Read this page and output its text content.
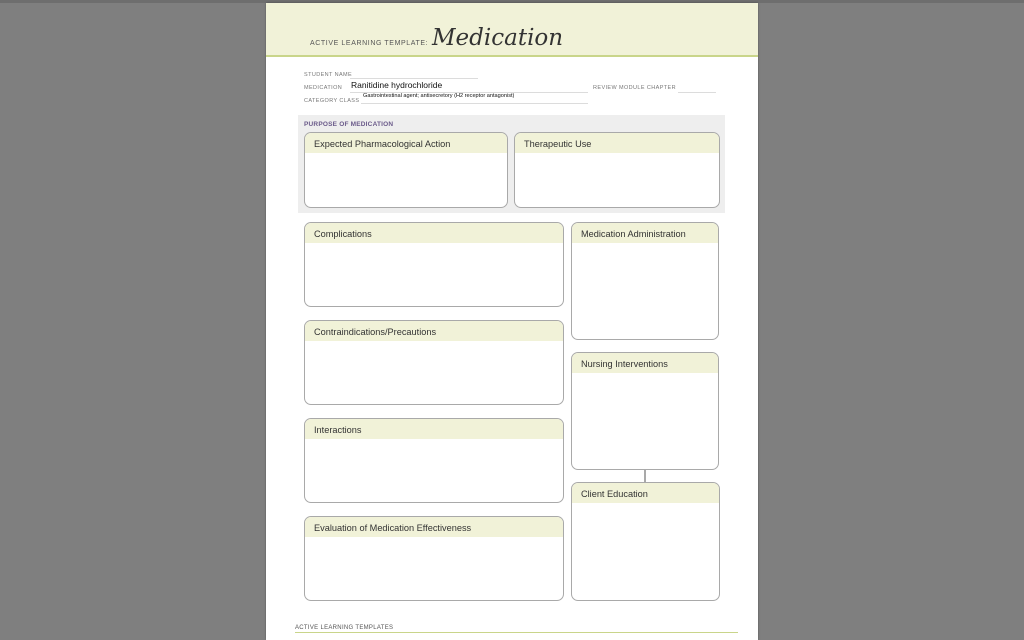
ACTIVE LEARNING TEMPLATE: Medication
STUDENT NAME
MEDICATION Ranitidine hydrochloride	REVIEW MODULE CHAPTER
CATEGORY CLASS
Gastrointestinal agent; antisecretory (H2 receptor antagonist)
PURPOSE OF MEDICATION
Expected Pharmacological Action	Therapeutic Use
Complications
Contraindications/Precautions
Interactions
Evaluation of Medication Effectiveness
Medication Administration
Nursing Interventions
Client Education
ACTIVE LEARNING TEMPLATES
